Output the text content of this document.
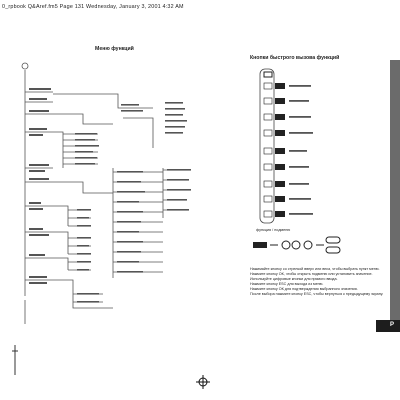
0_rpbook Q&Aref.fm5 Page 131 Wednesday, January 3, 2001 4:32 AM
Меню функций
Кнопки быстрого вызова функций
функция / подменю
Нажимайте кнопку со стрелкой вверх или вниз, чтобы выбрать пункт меню.
Нажмите кнопку ОК, чтобы открыть подменю или установить значение.
Используйте цифровые кнопки для прямого ввода.
Нажмите кнопку ESC для выхода из меню.
Нажмите кнопку ОК для подтверждения выбранного значения.
После выбора нажмите кнопку ESC, чтобы вернуться к предыдущему экрану.
Р
